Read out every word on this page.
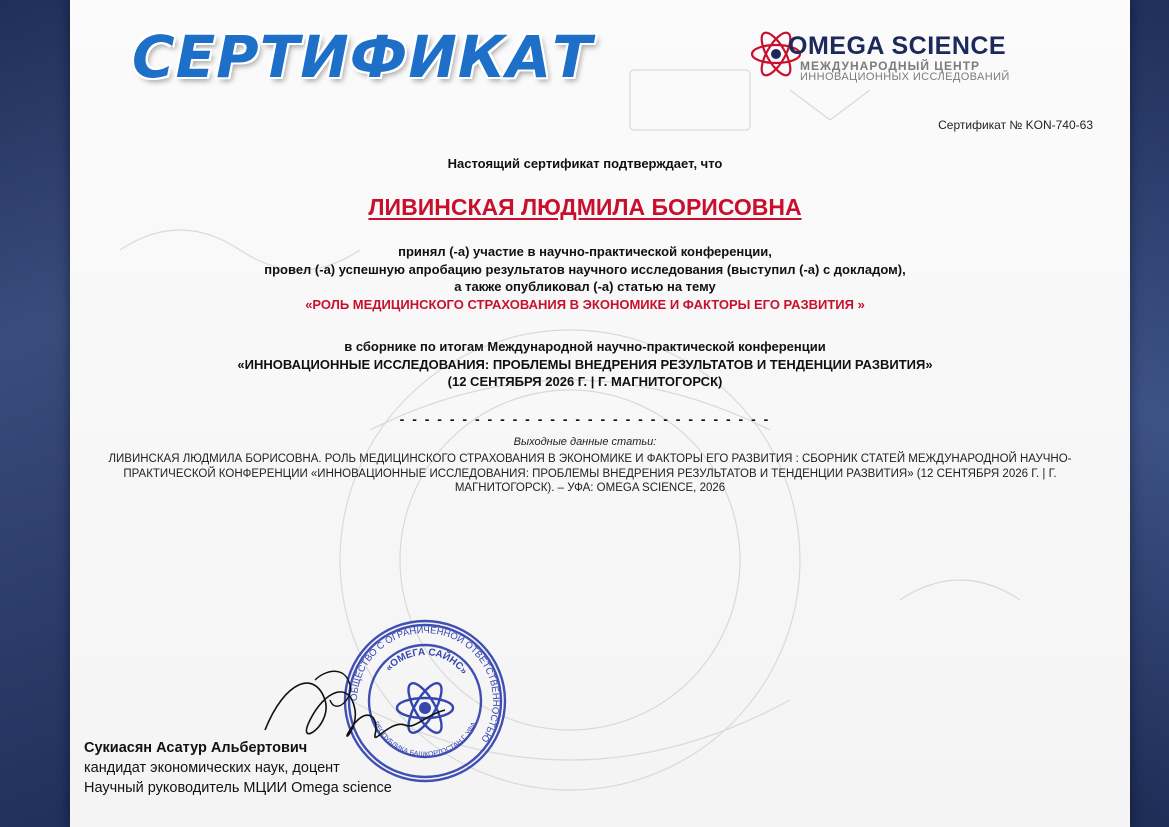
СЕРТИФИКАТ	OMEGA SCIENCE
МЕЖДУНАРОДНЫЙ ЦЕНТР
ИННОВАЦИОННЫХ ИССЛЕДОВАНИЙ
Сертификат № KON-740-63
Настоящий сертификат подтверждает, что
ЛИВИНСКАЯ ЛЮДМИЛА БОРИСОВНА
принял (-а) участие в научно-практической конференции,
провел (-а) успешную апробацию результатов научного исследования (выступил (-а) с докладом),
а также опубликовал (-а) статью на тему
«РОЛЬ МЕДИЦИНСКОГО СТРАХОВАНИЯ В ЭКОНОМИКЕ И ФАКТОРЫ ЕГО РАЗВИТИЯ »
в сборнике по итогам Международной научно-практической конференции
«ИННОВАЦИОННЫЕ ИССЛЕДОВАНИЯ: ПРОБЛЕМЫ ВНЕДРЕНИЯ РЕЗУЛЬТАТОВ И ТЕНДЕНЦИИ РАЗВИТИЯ»
(12 СЕНТЯБРЯ 2026 Г. | Г. МАГНИТОГОРСК)
- - - - - - - - - - - - - - - - - - - - - - - - - - - - - -
Выходные данные статьи:
ЛИВИНСКАЯ ЛЮДМИЛА БОРИСОВНА. РОЛЬ МЕДИЦИНСКОГО СТРАХОВАНИЯ В ЭКОНОМИКЕ И ФАКТОРЫ ЕГО РАЗВИТИЯ : СБОРНИК СТАТЕЙ МЕЖДУНАРОДНОЙ НАУЧНО-ПРАКТИЧЕСКОЙ КОНФЕРЕНЦИИ «ИННОВАЦИОННЫЕ ИССЛЕДОВАНИЯ: ПРОБЛЕМЫ ВНЕДРЕНИЯ РЕЗУЛЬТАТОВ И ТЕНДЕНЦИИ РАЗВИТИЯ» (12 СЕНТЯБРЯ 2026 Г. | Г. МАГНИТОГОРСК). – УФА: OMEGA SCIENCE, 2026
ОБЩЕСТВО С ОГРАНИЧЕННОЙ ОТВЕТСТВЕННОСТЬЮ
«ОМЕГА САЙНС»
РЕСПУБЛИКА БАШКОРТОСТАН Г. УФА
Сукиасян Асатур Альбертович
кандидат экономических наук, доцент
Научный руководитель МЦИИ Omega science
